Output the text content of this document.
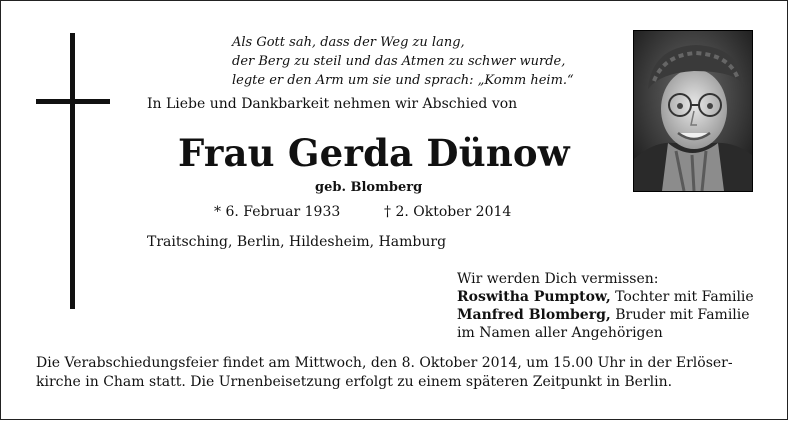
Als Gott sah, dass der Weg zu lang,
der Berg zu steil und das Atmen zu schwer wurde,
legte er den Arm um sie und sprach: „Komm heim.“
In Liebe und Dankbarkeit nehmen wir Abschied von
Frau Gerda Dünow
geb. Blomberg
* 6. Februar 1933	† 2. Oktober 2014
Traitsching, Berlin, Hildesheim, Hamburg
Wir werden Dich vermissen:
Roswitha Pumptow, Tochter mit Familie
Manfred Blomberg, Bruder mit Familie
im Namen aller Angehörigen
Die Verabschiedungsfeier findet am Mittwoch, den 8. Oktober 2014, um 15.00 Uhr in der Erlöser-
kirche in Cham statt. Die Urnenbeisetzung erfolgt zu einem späteren Zeitpunkt in Berlin.
